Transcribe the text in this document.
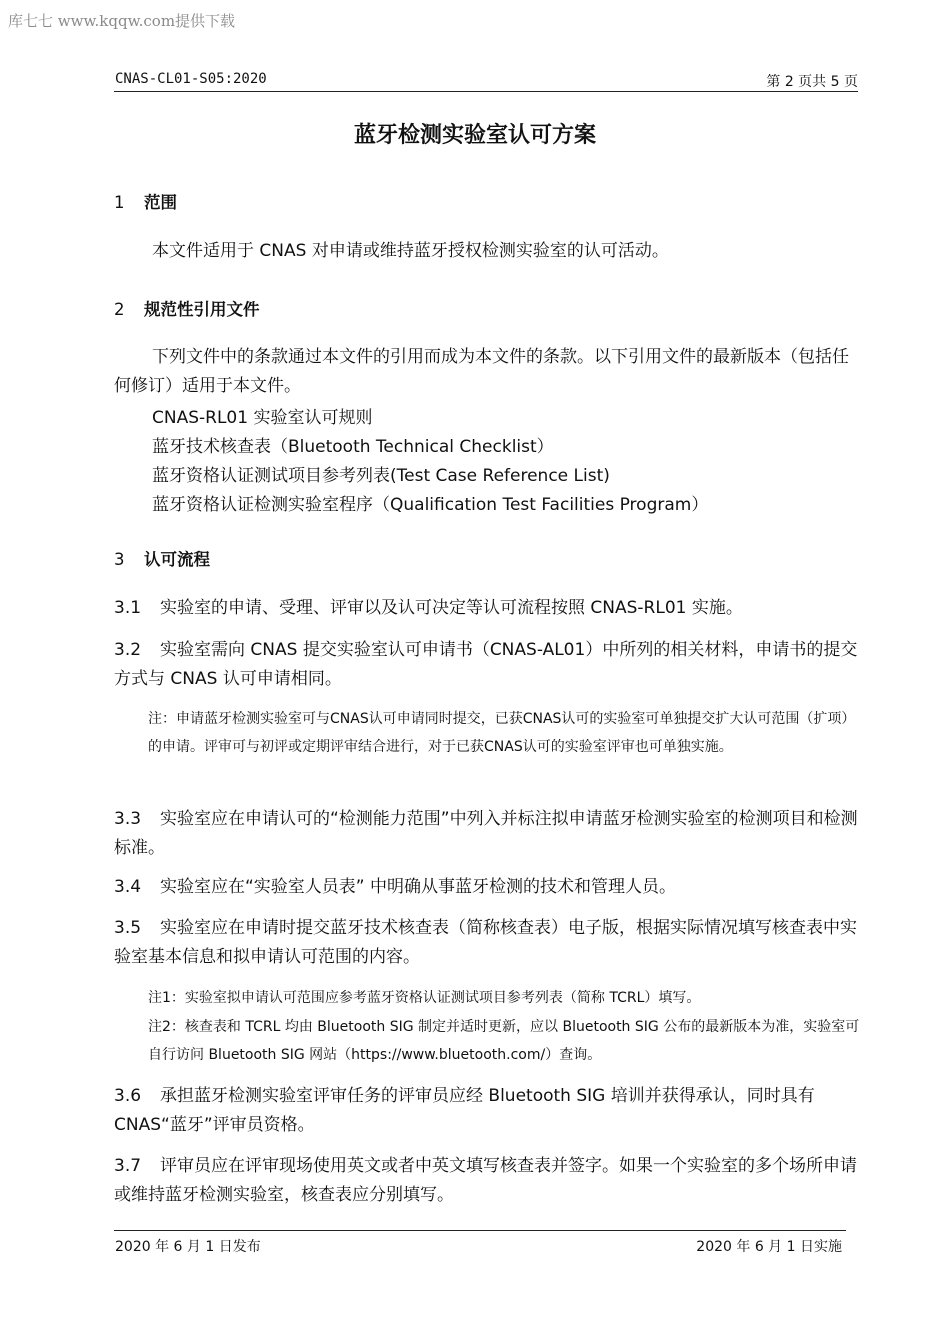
库七七 www.kqqw.com提供下载
CNAS-CL01-S05:2020	第 2 页共 5 页
蓝牙检测实验室认可方案
1 范围
本文件适用于 CNAS 对申请或维持蓝牙授权检测实验室的认可活动。
2 规范性引用文件
下列文件中的条款通过本文件的引用而成为本文件的条款。以下引用文件的最新版本（包括任何修订）适用于本文件。
CNAS-RL01 实验室认可规则
蓝牙技术核查表（Bluetooth Technical Checklist）
蓝牙资格认证测试项目参考列表(Test Case Reference List)
蓝牙资格认证检测实验室程序（Qualification Test Facilities Program）
3 认可流程
3.1 实验室的申请、受理、评审以及认可决定等认可流程按照 CNAS-RL01 实施。
3.2 实验室需向 CNAS 提交实验室认可申请书（CNAS-AL01）中所列的相关材料，申请书的提交方式与 CNAS 认可申请相同。
注：申请蓝牙检测实验室可与CNAS认可申请同时提交，已获CNAS认可的实验室可单独提交扩大认可范围（扩项）的申请。评审可与初评或定期评审结合进行，对于已获CNAS认可的实验室评审也可单独实施。
3.3 实验室应在申请认可的“检测能力范围”中列入并标注拟申请蓝牙检测实验室的检测项目和检测标准。
3.4 实验室应在“实验室人员表” 中明确从事蓝牙检测的技术和管理人员。
3.5 实验室应在申请时提交蓝牙技术核查表（简称核查表）电子版，根据实际情况填写核查表中实验室基本信息和拟申请认可范围的内容。
注1：实验室拟申请认可范围应参考蓝牙资格认证测试项目参考列表（简称 TCRL）填写。
注2：核查表和 TCRL 均由 Bluetooth SIG 制定并适时更新，应以 Bluetooth SIG 公布的最新版本为准，实验室可自行访问 Bluetooth SIG 网站（https://www.bluetooth.com/）查询。
3.6 承担蓝牙检测实验室评审任务的评审员应经 Bluetooth SIG 培训并获得承认，同时具有 CNAS“蓝牙”评审员资格。
3.7 评审员应在评审现场使用英文或者中英文填写核查表并签字。如果一个实验室的多个场所申请或维持蓝牙检测实验室，核查表应分别填写。
2020 年 6 月 1 日发布	2020 年 6 月 1 日实施
